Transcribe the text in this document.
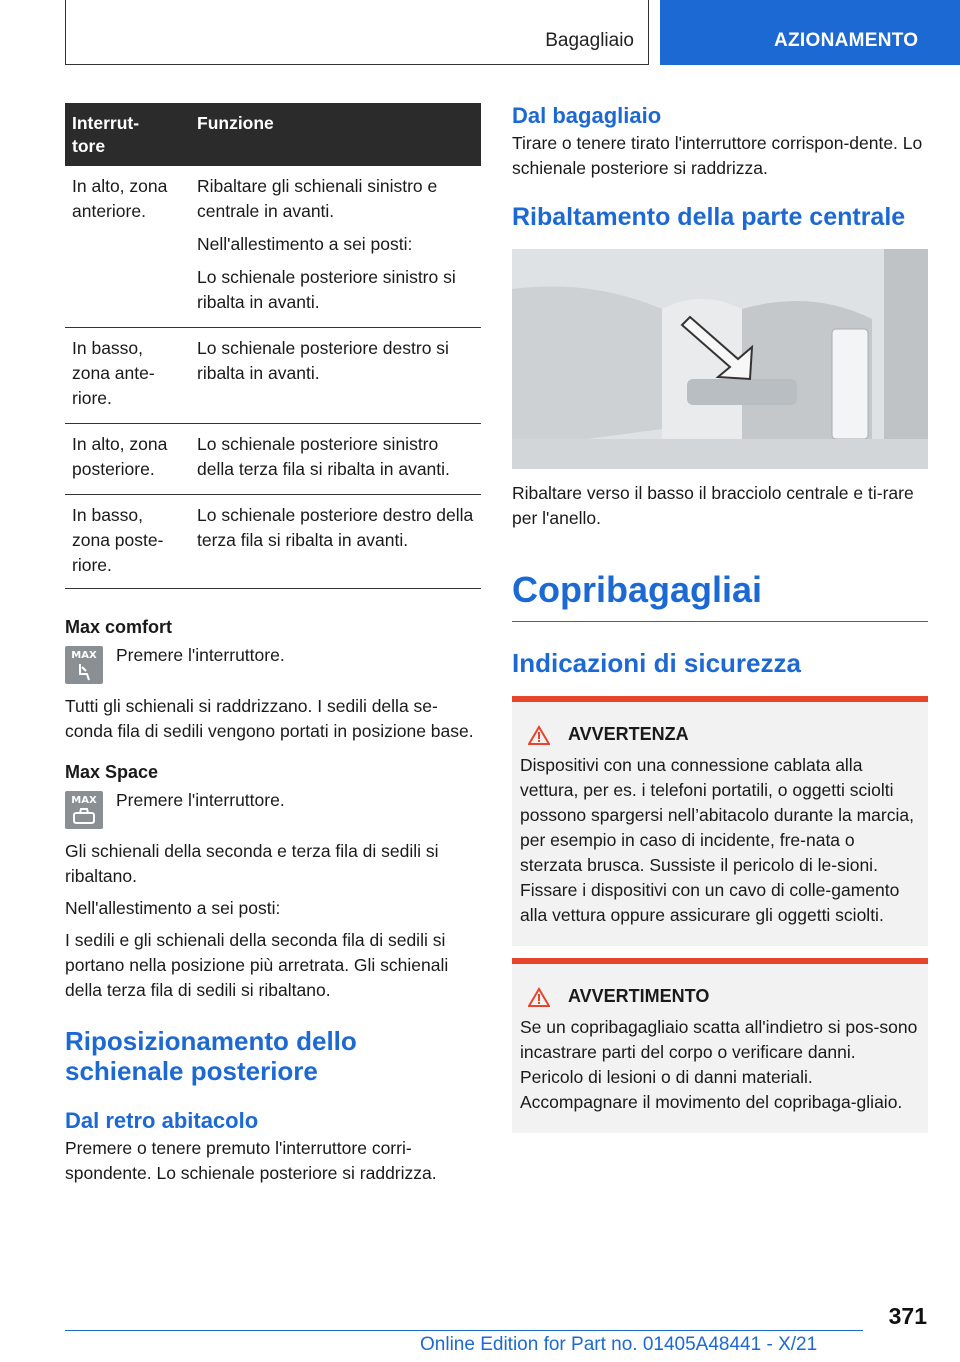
Bagagliaio	AZIONAMENTO
Interrut-
tore	Funzione
In alto, zona anteriore.	Ribaltare gli schienali sinistro e centrale in avanti.

Nell'allestimento a sei posti:

Lo schienale posteriore sinistro si ribalta in avanti.

In basso,
zona ante-
riore.	Lo schienale posteriore destro si ribalta in avanti.

In alto, zona posteriore.	Lo schienale posteriore sinistro della terza fila si ribalta in avanti.

In basso,
zona poste-
riore.	Lo schienale posteriore destro della terza fila si ribalta in avanti.

Max comfort
MAX Premere l'interruttore.
Tutti gli schienali si raddrizzano. I sedili della se-conda fila di sedili vengono portati in posizione base.
Max Space
MAX Premere l'interruttore.
Gli schienali della seconda e terza fila di sedili si ribaltano.
Nell'allestimento a sei posti:
I sedili e gli schienali della seconda fila di sedili si portano nella posizione più arretrata. Gli schienali della terza fila di sedili si ribaltano.
Riposizionamento dello schienale posteriore
Dal retro abitacolo
Premere o tenere premuto l'interruttore corri-spondente. Lo schienale posteriore si raddrizza.
Dal bagagliaio
Tirare o tenere tirato l'interruttore corrispon-dente. Lo schienale posteriore si raddrizza.
Ribaltamento della parte centrale
Ribaltare verso il basso il bracciolo centrale e ti-rare per l'anello.
Copribagagliai
Indicazioni di sicurezza
AVVERTENZA
Dispositivi con una connessione cablata alla vettura, per es. i telefoni portatili, o oggetti sciolti possono spargersi nell’abitacolo durante la marcia, per esempio in caso di incidente, fre-nata o sterzata brusca. Sussiste il pericolo di le-sioni. Fissare i dispositivi con un cavo di colle-gamento alla vettura oppure assicurare gli oggetti sciolti.
AVVERTIMENTO
Se un copribagagliaio scatta all'indietro si pos-sono incastrare parti del corpo o verificare danni. Pericolo di lesioni o di danni materiali. Accompagnare il movimento del copribaga-gliaio.
371
Online Edition for Part no. 01405A48441 - X/21
